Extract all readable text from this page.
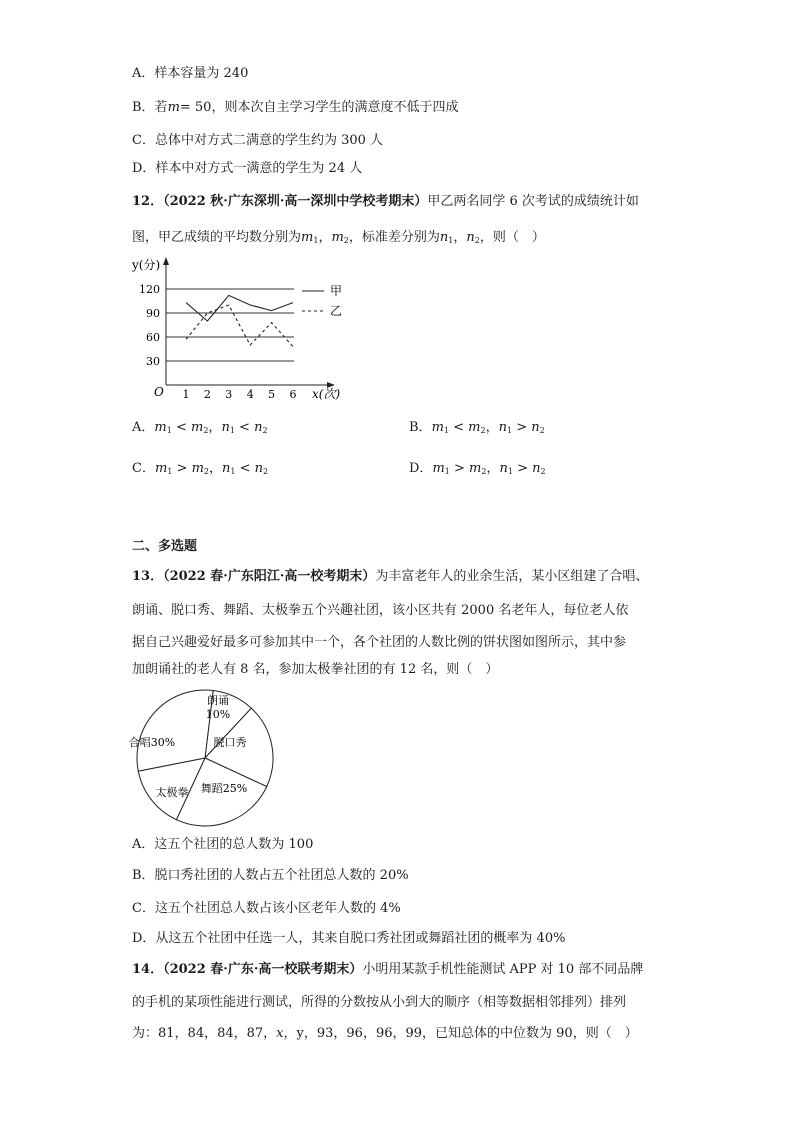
A．样本容量为 240
B．若m= 50，则本次自主学习学生的满意度不低于四成
C．总体中对方式二满意的学生约为 300 人
D．样本中对方式一满意的学生为 24 人
12．（2022 秋·广东深圳·高一深圳中学校考期末）甲乙两名同学 6 次考试的成绩统计如
图，甲乙成绩的平均数分别为$m_1$，$m_2$，标准差分别为$n_1$，$n_2$，则（　）
y(分)
x(次)
O
120
90
60
30
1 2 3 4 5 6
甲
乙
A．$m_1 < m_2$，$n_1 < n_2$	B．$m_1 < m_2$，$n_1 > n_2$
C．$m_1 > m_2$，$n_1 < n_2$	D．$m_1 > m_2$，$n_1 > n_2$
二、多选题
13．（2022 春·广东阳江·高一校考期末）为丰富老年人的业余生活，某小区组建了合唱、
朗诵、脱口秀、舞蹈、太极拳五个兴趣社团，该小区共有 2000 名老年人，每位老人依
据自己兴趣爱好最多可参加其中一个，各个社团的人数比例的饼状图如图所示，其中参
加朗诵社的老人有 8 名，参加太极拳社团的有 12 名，则（　）
朗诵
10%
脱口秀
舞蹈25%
太极拳
合唱30%
A．这五个社团的总人数为 100
B．脱口秀社团的人数占五个社团总人数的 20%
C．这五个社团总人数占该小区老年人数的 4%
D．从这五个社团中任选一人，其来自脱口秀社团或舞蹈社团的概率为 40%
14．（2022 春·广东·高一校联考期末）小明用某款手机性能测试 APP 对 10 部不同品牌
的手机的某项性能进行测试，所得的分数按从小到大的顺序（相等数据相邻排列）排列
为：81，84，84，87，x，y，93，96，96，99，已知总体的中位数为 90，则（　）
